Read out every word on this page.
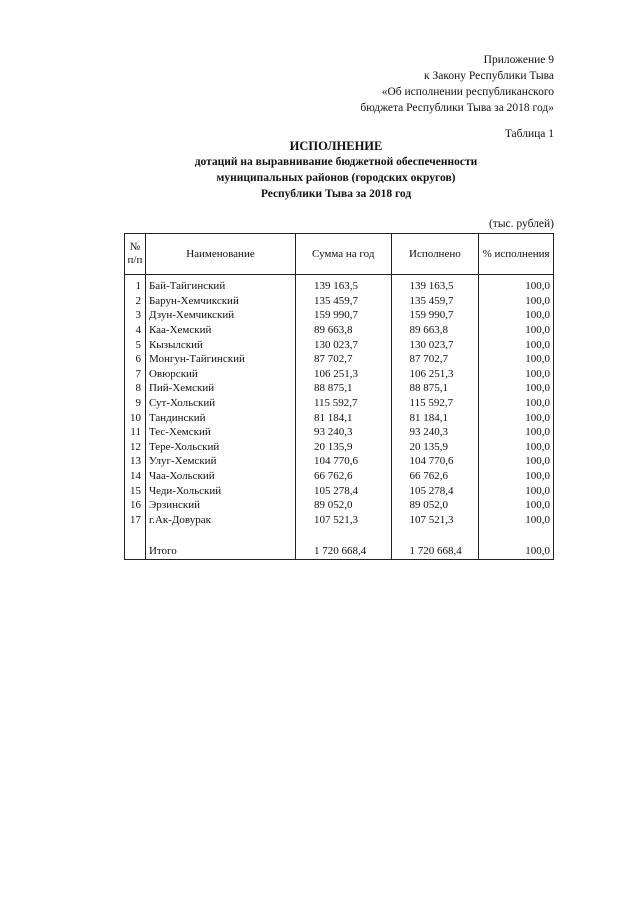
Приложение 9
к Закону Республики Тыва
«Об исполнении республиканского
бюджета Республики Тыва за 2018 год»
Таблица 1
ИСПОЛНЕНИЕ
дотаций на выравнивание бюджетной обеспеченности
муниципальных районов (городских округов)
Республики Тыва за 2018 год
(тыс. рублей)
№
п/п	Наименование	Сумма на год	Исполнено	% исполнения
1	Бай-Тайгинский	139 163,5	139 163,5	100,0
2	Барун-Хемчикский	135 459,7	135 459,7	100,0
3	Дзун-Хемчикский	159 990,7	159 990,7	100,0
4	Каа-Хемский	89 663,8	89 663,8	100,0
5	Кызылский	130 023,7	130 023,7	100,0
6	Монгун-Тайгинский	87 702,7	87 702,7	100,0
7	Овюрский	106 251,3	106 251,3	100,0
8	Пий-Хемский	88 875,1	88 875,1	100,0
9	Сут-Хольский	115 592,7	115 592,7	100,0
10	Тандинский	81 184,1	81 184,1	100,0
11	Тес-Хемский	93 240,3	93 240,3	100,0
12	Тере-Хольский	20 135,9	20 135,9	100,0
13	Улуг-Хемский	104 770,6	104 770,6	100,0
14	Чаа-Хольский	66 762,6	66 762,6	100,0
15	Чеди-Хольский	105 278,4	105 278,4	100,0
16	Эрзинский	89 052,0	89 052,0	100,0
17	г.Ак-Довурак	107 521,3	107 521,3	100,0

	Итого	1 720 668,4	1 720 668,4	100,0
